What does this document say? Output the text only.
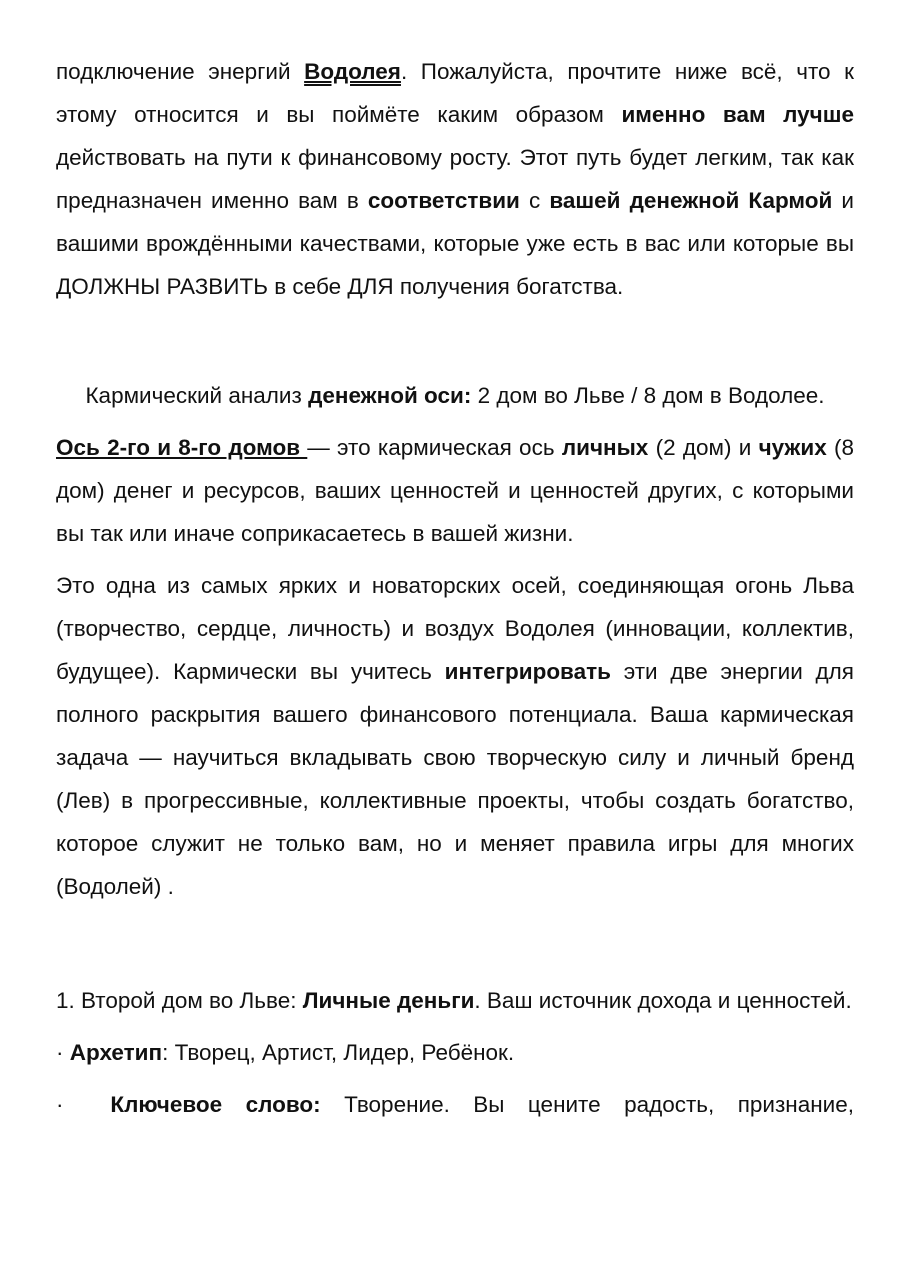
подключение энергий Водолея. Пожалуйста, прочтите ниже всё, что к этому относится и вы поймёте каким образом именно вам лучше действовать на пути к финансовому росту. Этот путь будет легким, так как предназначен именно вам в соответствии с вашей денежной Кармой и вашими врождёнными качествами, которые уже есть в вас или которые вы ДОЛЖНЫ РАЗВИТЬ в себе ДЛЯ получения богатства.

Кармический анализ денежной оси: 2 дом во Льве / 8 дом в Водолее.

Ось 2-го и 8-го домов — это кармическая ось личных (2 дом) и чужих (8 дом) денег и ресурсов, ваших ценностей и ценностей других, с которыми вы так или иначе соприкасаетесь в вашей жизни.

Это одна из самых ярких и новаторских осей, соединяющая огонь Льва (творчество, сердце, личность) и воздух Водолея (инновации, коллектив, будущее). Кармически вы учитесь интегрировать эти две энергии для полного раскрытия вашего финансового потенциала. Ваша кармическая задача — научиться вкладывать свою творческую силу и личный бренд (Лев) в прогрессивные, коллективные проекты, чтобы создать богатство, которое служит не только вам, но и меняет правила игры для многих (Водолей) .

1. Второй дом во Льве: Личные деньги. Ваш источник дохода и ценностей.

· Архетип: Творец, Артист, Лидер, Ребёнок.

· Ключевое слово: Творение. Вы цените радость, признание,
